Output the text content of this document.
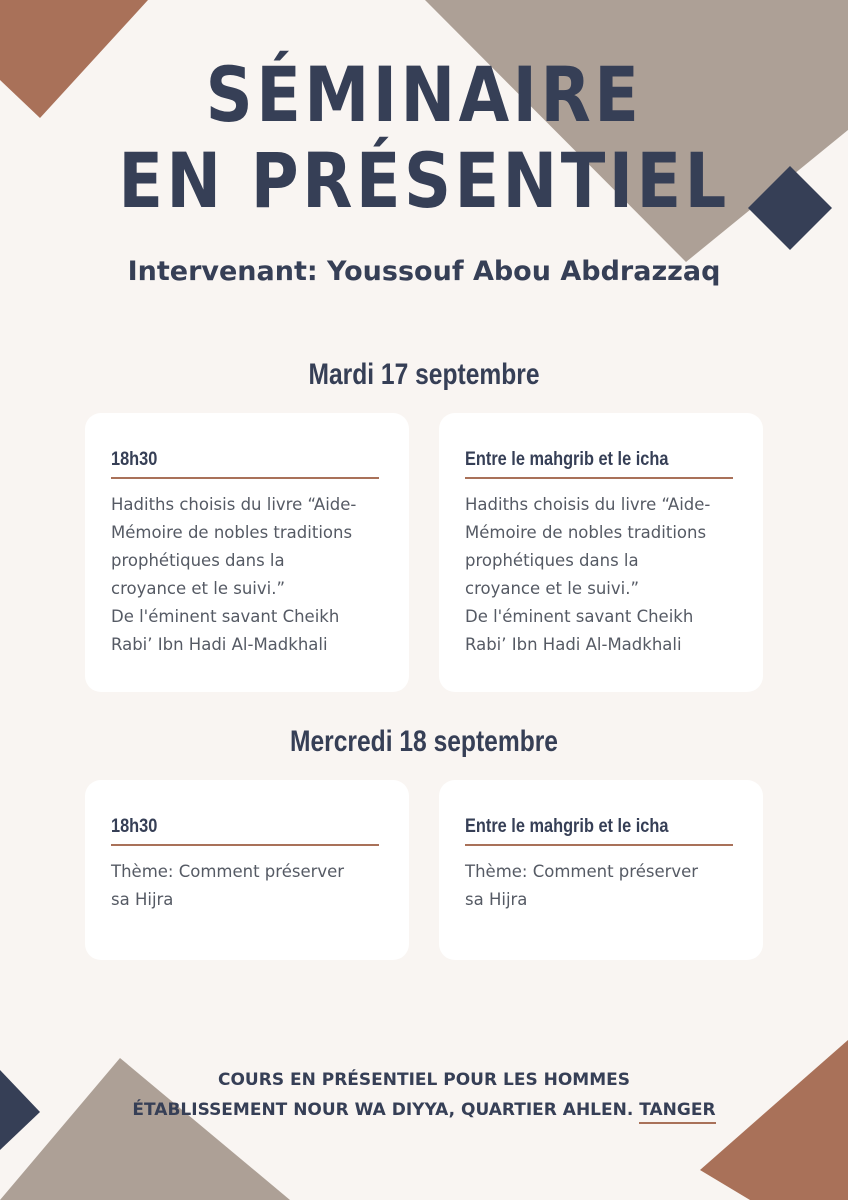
SÉMINAIRE
EN PRÉSENTIEL
Intervenant: Youssouf Abou Abdrazzaq
Mardi 17 septembre
18h30
Hadiths choisis du livre “Aide-
Mémoire de nobles traditions
prophétiques dans la
croyance et le suivi.”
De l'éminent savant Cheikh
Rabi’ Ibn Hadi Al-Madkhali
Entre le mahgrib et le icha
Hadiths choisis du livre “Aide-
Mémoire de nobles traditions
prophétiques dans la
croyance et le suivi.”
De l'éminent savant Cheikh
Rabi’ Ibn Hadi Al-Madkhali
Mercredi 18 septembre
18h30
Thème: Comment préserver
sa Hijra
Entre le mahgrib et le icha
Thème: Comment préserver
sa Hijra
COURS EN PRÉSENTIEL POUR LES HOMMES
ÉTABLISSEMENT NOUR WA DIYYA, QUARTIER AHLEN. TANGER
